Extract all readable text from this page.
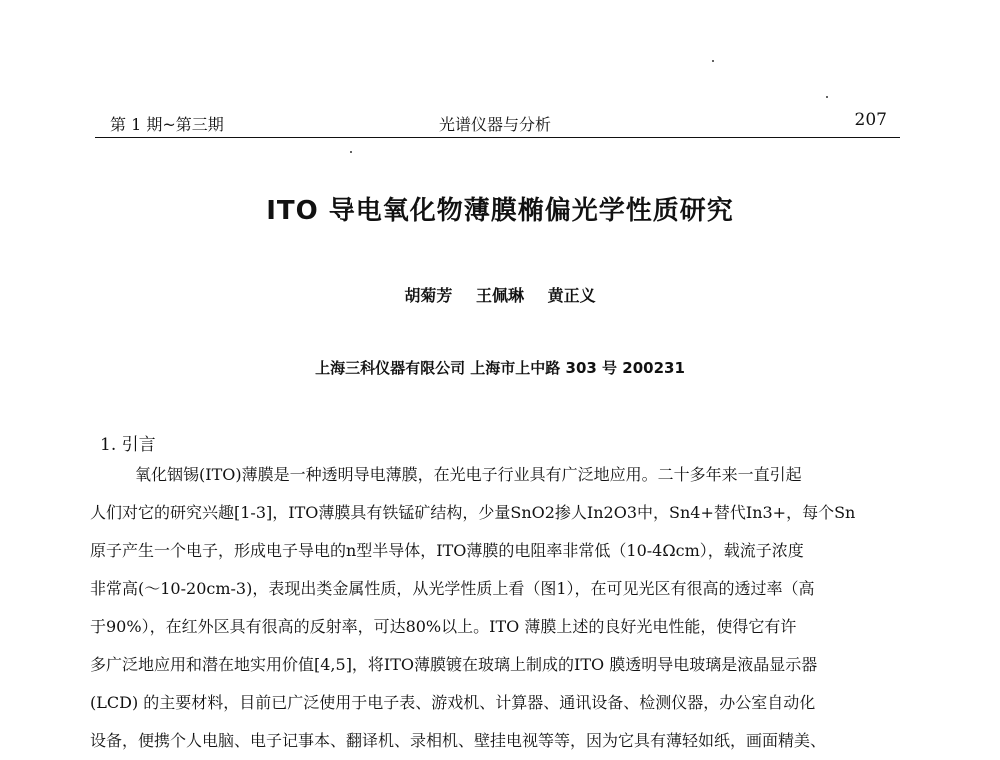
第 1 期~第三期	光谱仪器与分析	207
ITO 导电氧化物薄膜椭偏光学性质研究
胡菊芳 王佩琳 黄正义
上海三科仪器有限公司 上海市上中路 303 号 200231
1. 引言
氧化铟锡(ITO)薄膜是一种透明导电薄膜，在光电子行业具有广泛地应用。二十多年来一直引起
人们对它的研究兴趣[1-3]，ITO薄膜具有铁锰矿结构，少量SnO2掺人In2O3中，Sn4+替代In3+，每个Sn
原子产生一个电子，形成电子导电的n型半导体，ITO薄膜的电阻率非常低（10-4Ωcm），载流子浓度
非常高(～10-20cm-3)，表现出类金属性质，从光学性质上看（图1），在可见光区有很高的透过率（高
于90%），在红外区具有很高的反射率，可达80%以上。ITO 薄膜上述的良好光电性能，使得它有许
多广泛地应用和潜在地实用价值[4,5]，将ITO薄膜镀在玻璃上制成的ITO 膜透明导电玻璃是液晶显示器
(LCD) 的主要材料，目前已广泛使用于电子表、游戏机、计算器、通讯设备、检测仪器，办公室自动化
设备，便携个人电脑、电子记事本、翻译机、录相机、壁挂电视等等，因为它具有薄轻如纸，画面精美、
